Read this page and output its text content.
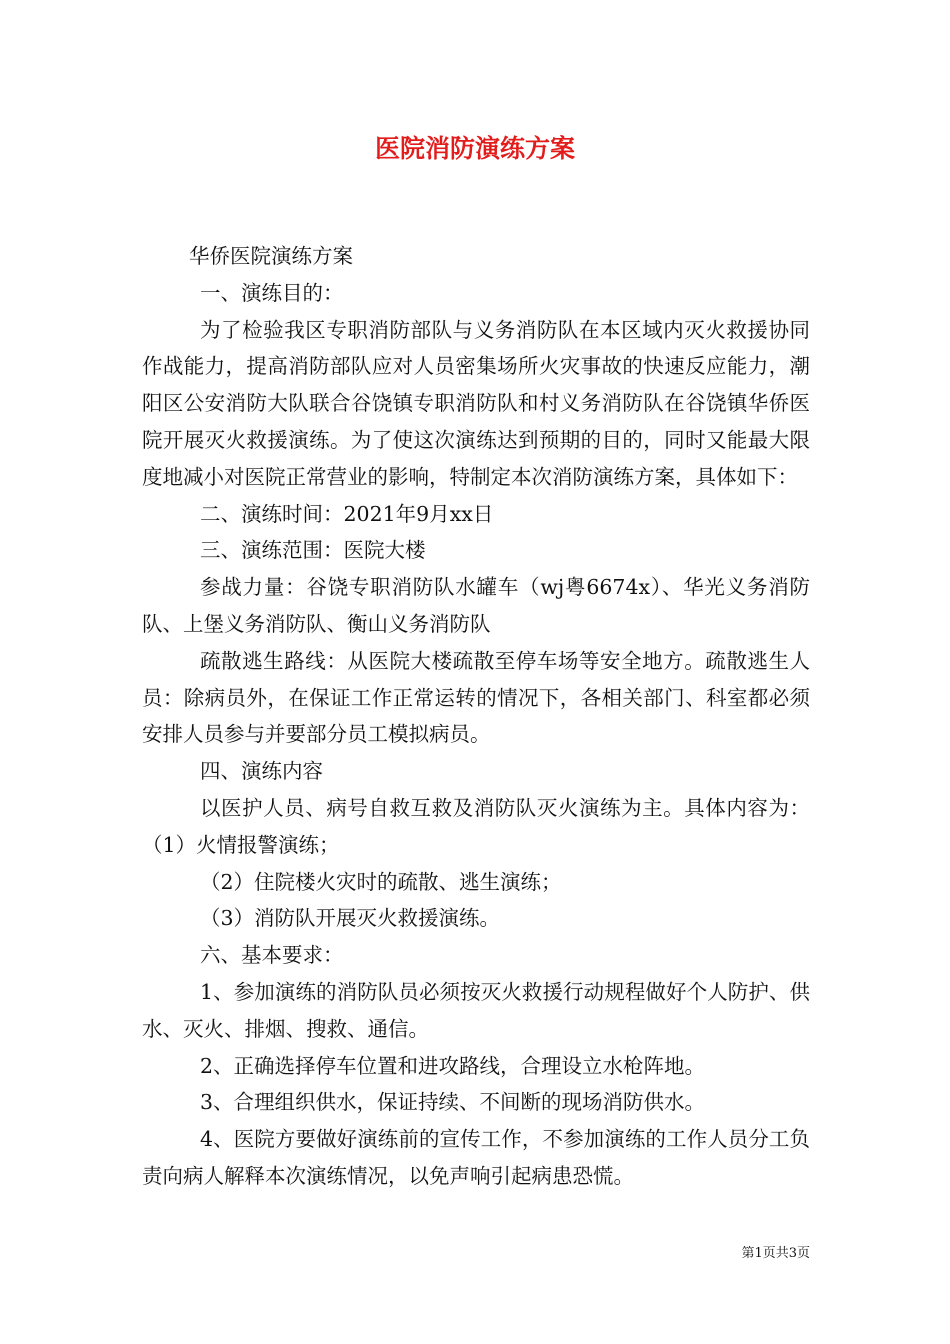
医院消防演练方案

华侨医院演练方案

一、演练目的：

为了检验我区专职消防部队与义务消防队在本区域内灭火救援协同作战能力，提高消防部队应对人员密集场所火灾事故的快速反应能力，潮阳区公安消防大队联合谷饶镇专职消防队和村义务消防队在谷饶镇华侨医院开展灭火救援演练。为了使这次演练达到预期的目的，同时又能最大限度地减小对医院正常营业的影响，特制定本次消防演练方案，具体如下：

二、演练时间：2021年9月xx日

三、演练范围：医院大楼

参战力量：谷饶专职消防队水罐车（wj粤6674x）、华光义务消防队、上堡义务消防队、衡山义务消防队

疏散逃生路线：从医院大楼疏散至停车场等安全地方。疏散逃生人员：除病员外，在保证工作正常运转的情况下，各相关部门、科室都必须安排人员参与并要部分员工模拟病员。

四、演练内容

以医护人员、病号自救互救及消防队灭火演练为主。具体内容为：（1）火情报警演练；

（2）住院楼火灾时的疏散、逃生演练；

（3）消防队开展灭火救援演练。

六、基本要求：

1、参加演练的消防队员必须按灭火救援行动规程做好个人防护、供水、灭火、排烟、搜救、通信。

2、正确选择停车位置和进攻路线，合理设立水枪阵地。

3、合理组织供水，保证持续、不间断的现场消防供水。

4、医院方要做好演练前的宣传工作，不参加演练的工作人员分工负责向病人解释本次演练情况，以免声响引起病患恐慌。

第1页共3页
